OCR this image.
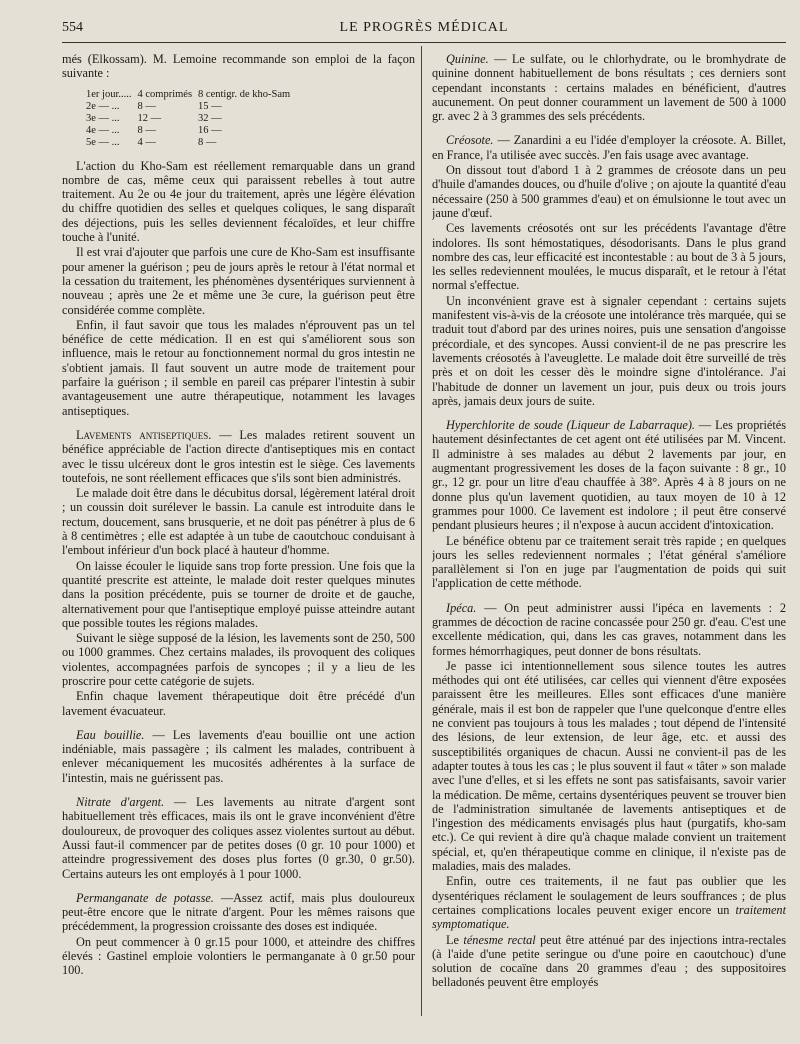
554	LE PROGRÈS MÉDICAL

més (Elkossam). M. Lemoine recommande son emploi de la façon suivante :

1er jour.....	4 comprimés	8 centigr. de kho-Sam
2e — ...	8 —	15 —
3e — ...	12 —	32 —
4e — ...	8 —	16 —
5e — ...	4 —	8 —

L'action du Kho-Sam est réellement remarquable dans un grand nombre de cas, même ceux qui paraissent rebelles à tout autre traitement. Au 2e ou 4e jour du traitement, après une légère élévation du chiffre quotidien des selles et quelques coliques, le sang disparaît des déjections, puis les selles deviennent fécaloïdes, et leur chiffre touche à l'unité.

Il est vrai d'ajouter que parfois une cure de Kho-Sam est insuffisante pour amener la guérison ; peu de jours après le retour à l'état normal et la cessation du traitement, les phénomènes dysentériques surviennent à nouveau ; après une 2e et même une 3e cure, la guérison peut être considérée comme complète.

Enfin, il faut savoir que tous les malades n'éprouvent pas un tel bénéfice de cette médication. Il en est qui s'améliorent sous son influence, mais le retour au fonctionnement normal du gros intestin ne s'obtient jamais. Il faut souvent un autre mode de traitement pour parfaire la guérison ; il semble en pareil cas préparer l'intestin à subir avantageusement une autre thérapeutique, notamment les lavages antiseptiques.

Lavements antiseptiques. — Les malades retirent souvent un bénéfice appréciable de l'action directe d'antiseptiques mis en contact avec le tissu ulcéreux dont le gros intestin est le siège. Ces lavements toutefois, ne sont réellement efficaces que s'ils sont bien administrés.

Le malade doit être dans le décubitus dorsal, légèrement latéral droit ; un coussin doit surélever le bassin. La canule est introduite dans le rectum, doucement, sans brusquerie, et ne doit pas pénétrer à plus de 6 à 8 centimètres ; elle est adaptée à un tube de caoutchouc conduisant à l'embout inférieur d'un bock placé à hauteur d'homme.

On laisse écouler le liquide sans trop forte pression. Une fois que la quantité prescrite est atteinte, le malade doit rester quelques minutes dans la position précédente, puis se tourner de droite et de gauche, alternativement pour que l'antiseptique employé puisse atteindre autant que possible toutes les régions malades.

Suivant le siège supposé de la lésion, les lavements sont de 250, 500 ou 1000 grammes. Chez certains malades, ils provoquent des coliques violentes, accompagnées parfois de syncopes ; il y a lieu de les proscrire pour cette catégorie de sujets.

Enfin chaque lavement thérapeutique doit être précédé d'un lavement évacuateur.

Eau bouillie. — Les lavements d'eau bouillie ont une action indéniable, mais passagère ; ils calment les malades, contribuent à enlever mécaniquement les mucosités adhérentes à la surface de l'intestin, mais ne guérissent pas.

Nitrate d'argent. — Les lavements au nitrate d'argent sont habituellement très efficaces, mais ils ont le grave inconvénient d'être douloureux, de provoquer des coliques assez violentes surtout au début. Aussi faut-il commencer par de petites doses (0 gr. 10 pour 1000) et atteindre progressivement des doses plus fortes (0 gr.30, 0 gr.50). Certains auteurs les ont employés à 1 pour 1000.

Permanganate de potasse. —Assez actif, mais plus douloureux peut-être encore que le nitrate d'argent. Pour les mêmes raisons que précédemment, la progression croissante des doses est indiquée.

On peut commencer à 0 gr.15 pour 1000, et atteindre des chiffres élevés : Gastinel emploie volontiers le permanganate à 0 gr.50 pour 100.

Quinine. — Le sulfate, ou le chlorhydrate, ou le bromhydrate de quinine donnent habituellement de bons résultats ; ces derniers sont cependant inconstants : certains malades en bénéficient, d'autres aucunement. On peut donner couramment un lavement de 500 à 1000 gr. avec 2 à 3 grammes des sels précédents.

Créosote. — Zanardini a eu l'idée d'employer la créosote. A. Billet, en France, l'a utilisée avec succès. J'en fais usage avec avantage.

On dissout tout d'abord 1 à 2 grammes de créosote dans un peu d'huile d'amandes douces, ou d'huile d'olive ; on ajoute la quantité d'eau nécessaire (250 à 500 grammes d'eau) et on émulsionne le tout avec un jaune d'œuf.

Ces lavements créosotés ont sur les précédents l'avantage d'être indolores. Ils sont hémostatiques, désodorisants. Dans le plus grand nombre des cas, leur efficacité est incontestable : au bout de 3 à 5 jours, les selles redeviennent moulées, le mucus disparaît, et le retour à l'état normal s'effectue.

Un inconvénient grave est à signaler cependant : certains sujets manifestent vis-à-vis de la créosote une intolérance très marquée, qui se traduit tout d'abord par des urines noires, puis une sensation d'angoisse précordiale, et des syncopes. Aussi convient-il de ne pas prescrire les lavements créosotés à l'aveuglette. Le malade doit être surveillé de très près et on doit les cesser dès le moindre signe d'intolérance. J'ai l'habitude de donner un lavement un jour, puis deux ou trois jours après, jamais deux jours de suite.

Hyperchlorite de soude (Liqueur de Labarraque). — Les propriétés hautement désinfectantes de cet agent ont été utilisées par M. Vincent. Il administre à ses malades au début 2 lavements par jour, en augmentant progressivement les doses de la façon suivante : 8 gr., 10 gr., 12 gr. pour un litre d'eau chauffée à 38°. Après 4 à 8 jours on ne donne plus qu'un lavement quotidien, au taux moyen de 10 à 12 grammes pour 1000. Ce lavement est indolore ; il peut être conservé pendant plusieurs heures ; il n'expose à aucun accident d'intoxication.

Le bénéfice obtenu par ce traitement serait très rapide ; en quelques jours les selles redeviennent normales ; l'état général s'améliore parallèlement si l'on en juge par l'augmentation de poids qui suit l'application de cette méthode.

Ipéca. — On peut administrer aussi l'ipéca en lavements : 2 grammes de décoction de racine concassée pour 250 gr. d'eau. C'est une excellente médication, qui, dans les cas graves, notamment dans les formes hémorrhagiques, peut donner de bons résultats.

Je passe ici intentionnellement sous silence toutes les autres méthodes qui ont été utilisées, car celles qui viennent d'être exposées paraissent être les meilleures. Elles sont efficaces d'une manière générale, mais il est bon de rappeler que l'une quelconque d'entre elles ne convient pas toujours à tous les malades ; tout dépend de l'intensité des lésions, de leur extension, de leur âge, etc. et aussi des susceptibilités organiques de chacun. Aussi ne convient-il pas de les adapter toutes à tous les cas ; le plus souvent il faut « tâter » son malade avec l'une d'elles, et si les effets ne sont pas satisfaisants, savoir varier la médication. De même, certains dysentériques peuvent se trouver bien de l'administration simultanée de lavements antiseptiques et de l'ingestion des médicaments envisagés plus haut (purgatifs, kho-sam etc.). Ce qui revient à dire qu'à chaque malade convient un traitement spécial, et, qu'en thérapeutique comme en clinique, il n'existe pas de maladies, mais des malades.

Enfin, outre ces traitements, il ne faut pas oublier que les dysentériques réclament le soulagement de leurs souffrances ; de plus certaines complications locales peuvent exiger encore un traitement symptomatique.

Le ténesme rectal peut être atténué par des injections intra-rectales (à l'aide d'une petite seringue ou d'une poire en caoutchouc) d'une solution de cocaïne dans 20 grammes d'eau ; des suppositoires belladonés peuvent être employés
